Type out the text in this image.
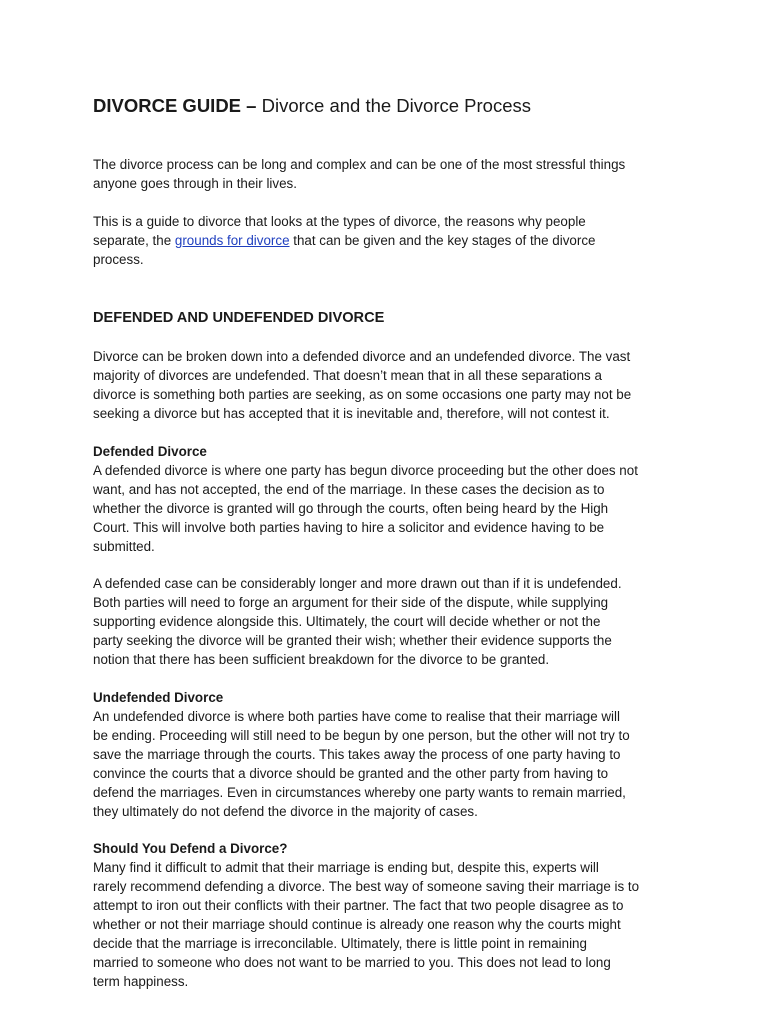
DIVORCE GUIDE – Divorce and the Divorce Process

The divorce process can be long and complex and can be one of the most stressful things
anyone goes through in their lives.

This is a guide to divorce that looks at the types of divorce, the reasons why people
separate, the grounds for divorce that can be given and the key stages of the divorce
process.

DEFENDED AND UNDEFENDED DIVORCE

Divorce can be broken down into a defended divorce and an undefended divorce. The vast
majority of divorces are undefended. That doesn’t mean that in all these separations a
divorce is something both parties are seeking, as on some occasions one party may not be
seeking a divorce but has accepted that it is inevitable and, therefore, will not contest it.

Defended Divorce
A defended divorce is where one party has begun divorce proceeding but the other does not
want, and has not accepted, the end of the marriage. In these cases the decision as to
whether the divorce is granted will go through the courts, often being heard by the High
Court. This will involve both parties having to hire a solicitor and evidence having to be
submitted.

A defended case can be considerably longer and more drawn out than if it is undefended.
Both parties will need to forge an argument for their side of the dispute, while supplying
supporting evidence alongside this. Ultimately, the court will decide whether or not the
party seeking the divorce will be granted their wish; whether their evidence supports the
notion that there has been sufficient breakdown for the divorce to be granted.

Undefended Divorce
An undefended divorce is where both parties have come to realise that their marriage will
be ending. Proceeding will still need to be begun by one person, but the other will not try to
save the marriage through the courts. This takes away the process of one party having to
convince the courts that a divorce should be granted and the other party from having to
defend the marriages. Even in circumstances whereby one party wants to remain married,
they ultimately do not defend the divorce in the majority of cases.

Should You Defend a Divorce?
Many find it difficult to admit that their marriage is ending but, despite this, experts will
rarely recommend defending a divorce. The best way of someone saving their marriage is to
attempt to iron out their conflicts with their partner. The fact that two people disagree as to
whether or not their marriage should continue is already one reason why the courts might
decide that the marriage is irreconcilable. Ultimately, there is little point in remaining
married to someone who does not want to be married to you. This does not lead to long
term happiness.
